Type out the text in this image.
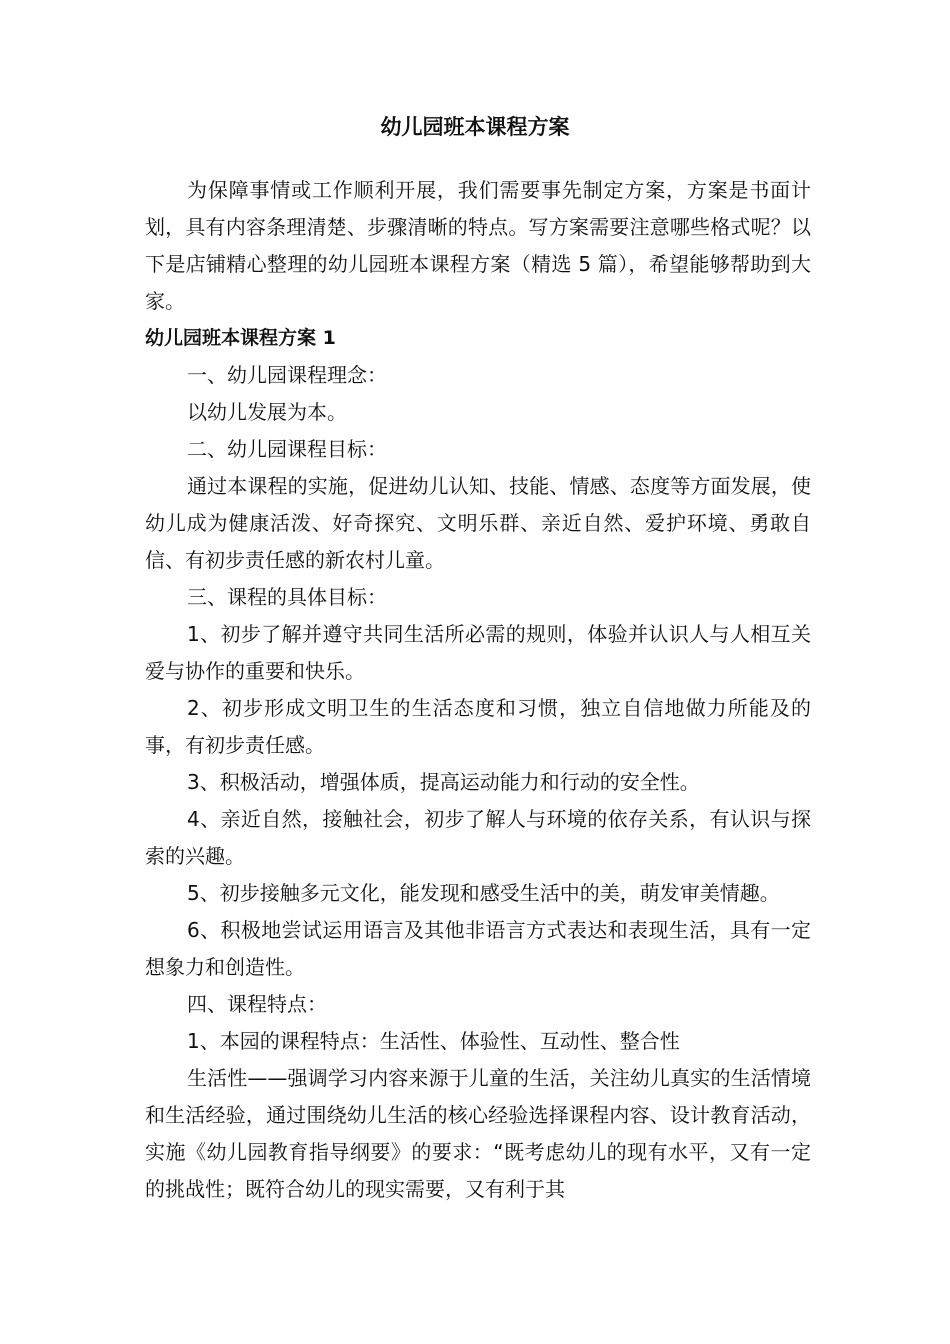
幼儿园班本课程方案

为保障事情或工作顺利开展，我们需要事先制定方案，方案是书面计划，具有内容条理清楚、步骤清晰的特点。写方案需要注意哪些格式呢？以下是店铺精心整理的幼儿园班本课程方案（精选 5 篇），希望能够帮助到大家。

幼儿园班本课程方案 1

一、幼儿园课程理念：

以幼儿发展为本。

二、幼儿园课程目标：

通过本课程的实施，促进幼儿认知、技能、情感、态度等方面发展，使幼儿成为健康活泼、好奇探究、文明乐群、亲近自然、爱护环境、勇敢自信、有初步责任感的新农村儿童。

三、课程的具体目标：

1、初步了解并遵守共同生活所必需的规则，体验并认识人与人相互关爱与协作的重要和快乐。

2、初步形成文明卫生的生活态度和习惯，独立自信地做力所能及的事，有初步责任感。

3、积极活动，增强体质，提高运动能力和行动的安全性。

4、亲近自然，接触社会，初步了解人与环境的依存关系，有认识与探索的兴趣。

5、初步接触多元文化，能发现和感受生活中的美，萌发审美情趣。

6、积极地尝试运用语言及其他非语言方式表达和表现生活，具有一定想象力和创造性。

四、课程特点：

1、本园的课程特点：生活性、体验性、互动性、整合性

生活性——强调学习内容来源于儿童的生活，关注幼儿真实的生活情境和生活经验，通过围绕幼儿生活的核心经验选择课程内容、设计教育活动，实施《幼儿园教育指导纲要》的要求：“既考虑幼儿的现有水平，又有一定的挑战性；既符合幼儿的现实需要，又有利于其
